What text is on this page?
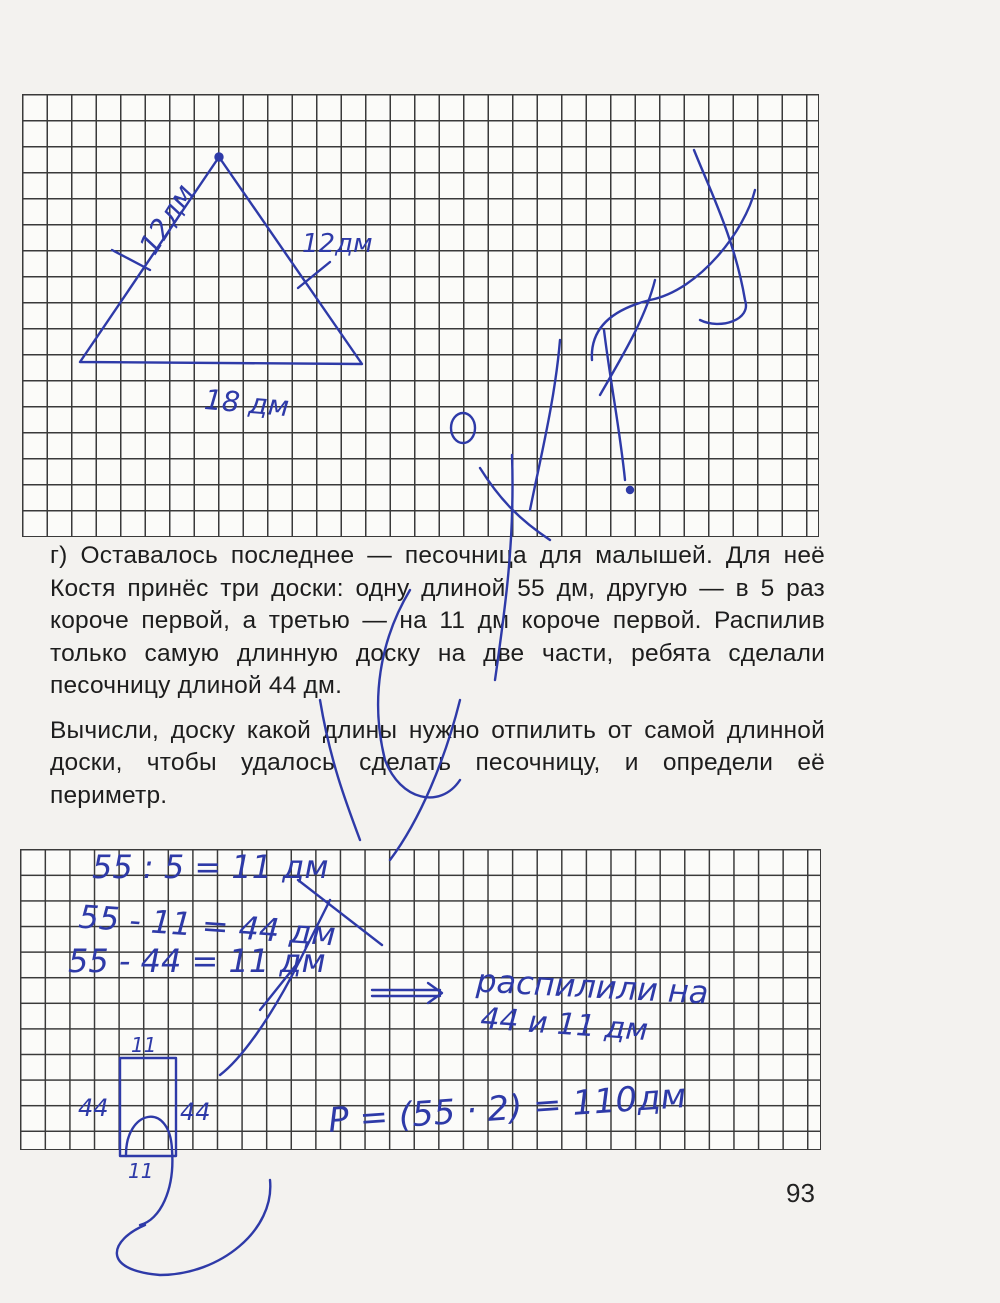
г) Оставалось последнее — песочница для малышей. Для неё Костя принёс три доски: одну длиной 55 дм, другую — в 5 раз короче первой, а третью — на 11 дм короче первой. Распилив только самую длинную доску на две части, ребята сделали песочницу длиной 44 дм.

Вычисли, доску какой длины нужно отпилить от самой длинной доски, чтобы удалось сделать песочницу, и определи её периметр.

93
12дм	12дм
18 дм
55 : 5 = 11 дм
55 - 11 = 44 дм
55 - 44 = 11 дм
распилили на
44 и 11 дм
11
44	44
11
P = (55 · 2) = 110дм
